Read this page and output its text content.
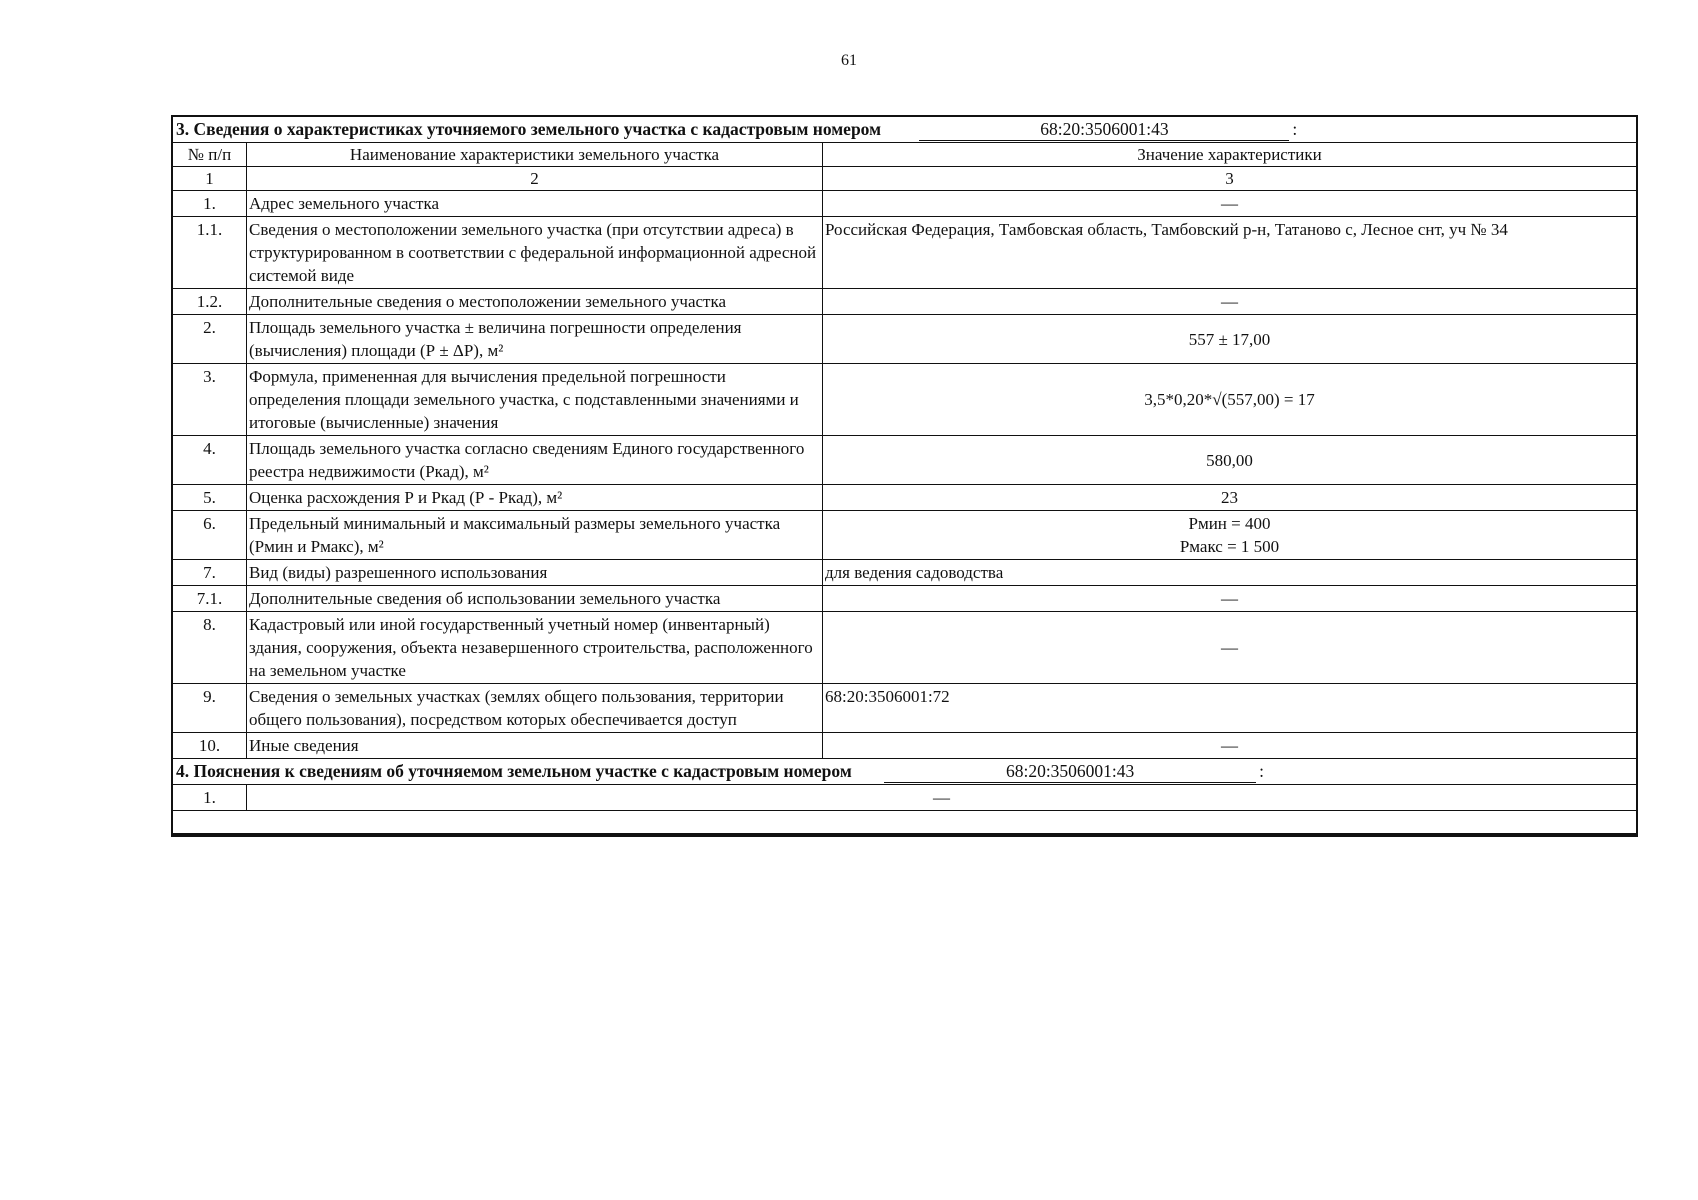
61
3. Сведения о характеристиках уточняемого земельного участка с кадастровым номером 68:20:3506001:43 :		
№ п/п	Наименование характеристики земельного участка	Значение характеристики
1	2	3
1.	Адрес земельного участка	—
1.1.	Сведения о местоположении земельного участка (при отсутствии адреса) в структурированном в соответствии с федеральной информационной адресной системой виде	Российская Федерация, Тамбовская область, Тамбовский р-н, Татаново с, Лесное снт, уч № 34
1.2.	Дополнительные сведения о местоположении земельного участка	—
2.	Площадь земельного участка ± величина погрешности определения (вычисления) площади (Р ± ΔР), м²	557 ± 17,00
3.	Формула, примененная для вычисления предельной погрешности определения площади земельного участка, с подставленными значениями и итоговые (вычисленные) значения	3,5*0,20*√(557,00) = 17
4.	Площадь земельного участка согласно сведениям Единого государственного реестра недвижимости (Ркад), м²	580,00
5.	Оценка расхождения Р и Ркад (Р - Ркад), м²	23
6.	Предельный минимальный и максимальный размеры земельного участка (Рмин и Рмакс), м²	Рмин = 400
Рмакс = 1 500

7.	Вид (виды) разрешенного использования	для ведения садоводства
7.1.	Дополнительные сведения об использовании земельного участка	—
8.	Кадастровый или иной государственный учетный номер (инвентарный) здания, сооружения, объекта незавершенного строительства, расположенного на земельном участке	—
9.	Сведения о земельных участках (землях общего пользования, территории общего пользования), посредством которых обеспечивается доступ	68:20:3506001:72
10.	Иные сведения	—
4. Пояснения к сведениям об уточняемом земельном участке с кадастровым номером 68:20:3506001:43 :		
1.	—	
